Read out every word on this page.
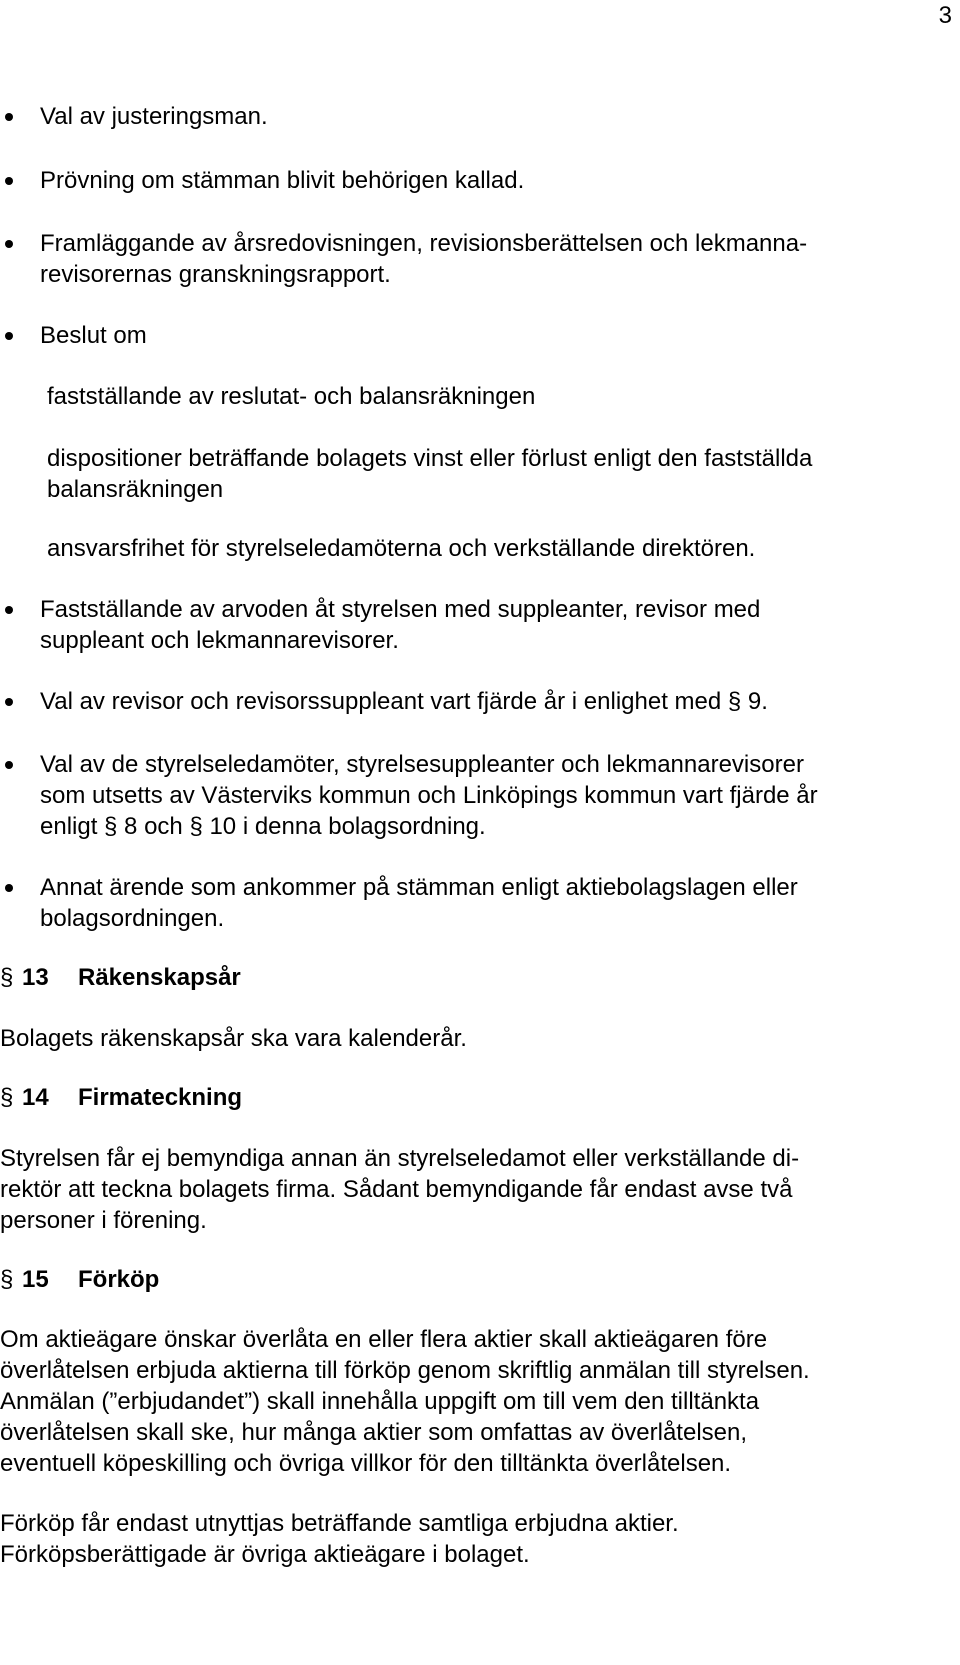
3
Val av justeringsman.
Prövning om stämman blivit behörigen kallad.
Framläggande av årsredovisningen, revisionsberättelsen och lekmanna-
revisorernas granskningsrapport.
Beslut om
fastställande av reslutat- och balansräkningen
dispositioner beträffande bolagets vinst eller förlust enligt den fastställda
balansräkningen
ansvarsfrihet för styrelseledamöterna och verkställande direktören.
Fastställande av arvoden åt styrelsen med suppleanter, revisor med
suppleant och lekmannarevisorer.
Val av revisor och revisorssuppleant vart fjärde år i enlighet med § 9.
Val av de styrelseledamöter, styrelsesuppleanter och lekmannarevisorer
som utsetts av Västerviks kommun och Linköpings kommun vart fjärde år
enligt § 8 och § 10 i denna bolagsordning.
Annat ärende som ankommer på stämman enligt aktiebolagslagen eller
bolagsordningen.
§ 13 Räkenskapsår
Bolagets räkenskapsår ska vara kalenderår.
§ 14 Firmateckning
Styrelsen får ej bemyndiga annan än styrelseledamot eller verkställande di-
rektör att teckna bolagets firma. Sådant bemyndigande får endast avse två
personer i förening.
§ 15 Förköp
Om aktieägare önskar överlåta en eller flera aktier skall aktieägaren före
överlåtelsen erbjuda aktierna till förköp genom skriftlig anmälan till styrelsen.
Anmälan (”erbjudandet”) skall innehålla uppgift om till vem den tilltänkta
överlåtelsen skall ske, hur många aktier som omfattas av överlåtelsen,
eventuell köpeskilling och övriga villkor för den tilltänkta överlåtelsen.
Förköp får endast utnyttjas beträffande samtliga erbjudna aktier.
Förköpsberättigade är övriga aktieägare i bolaget.
